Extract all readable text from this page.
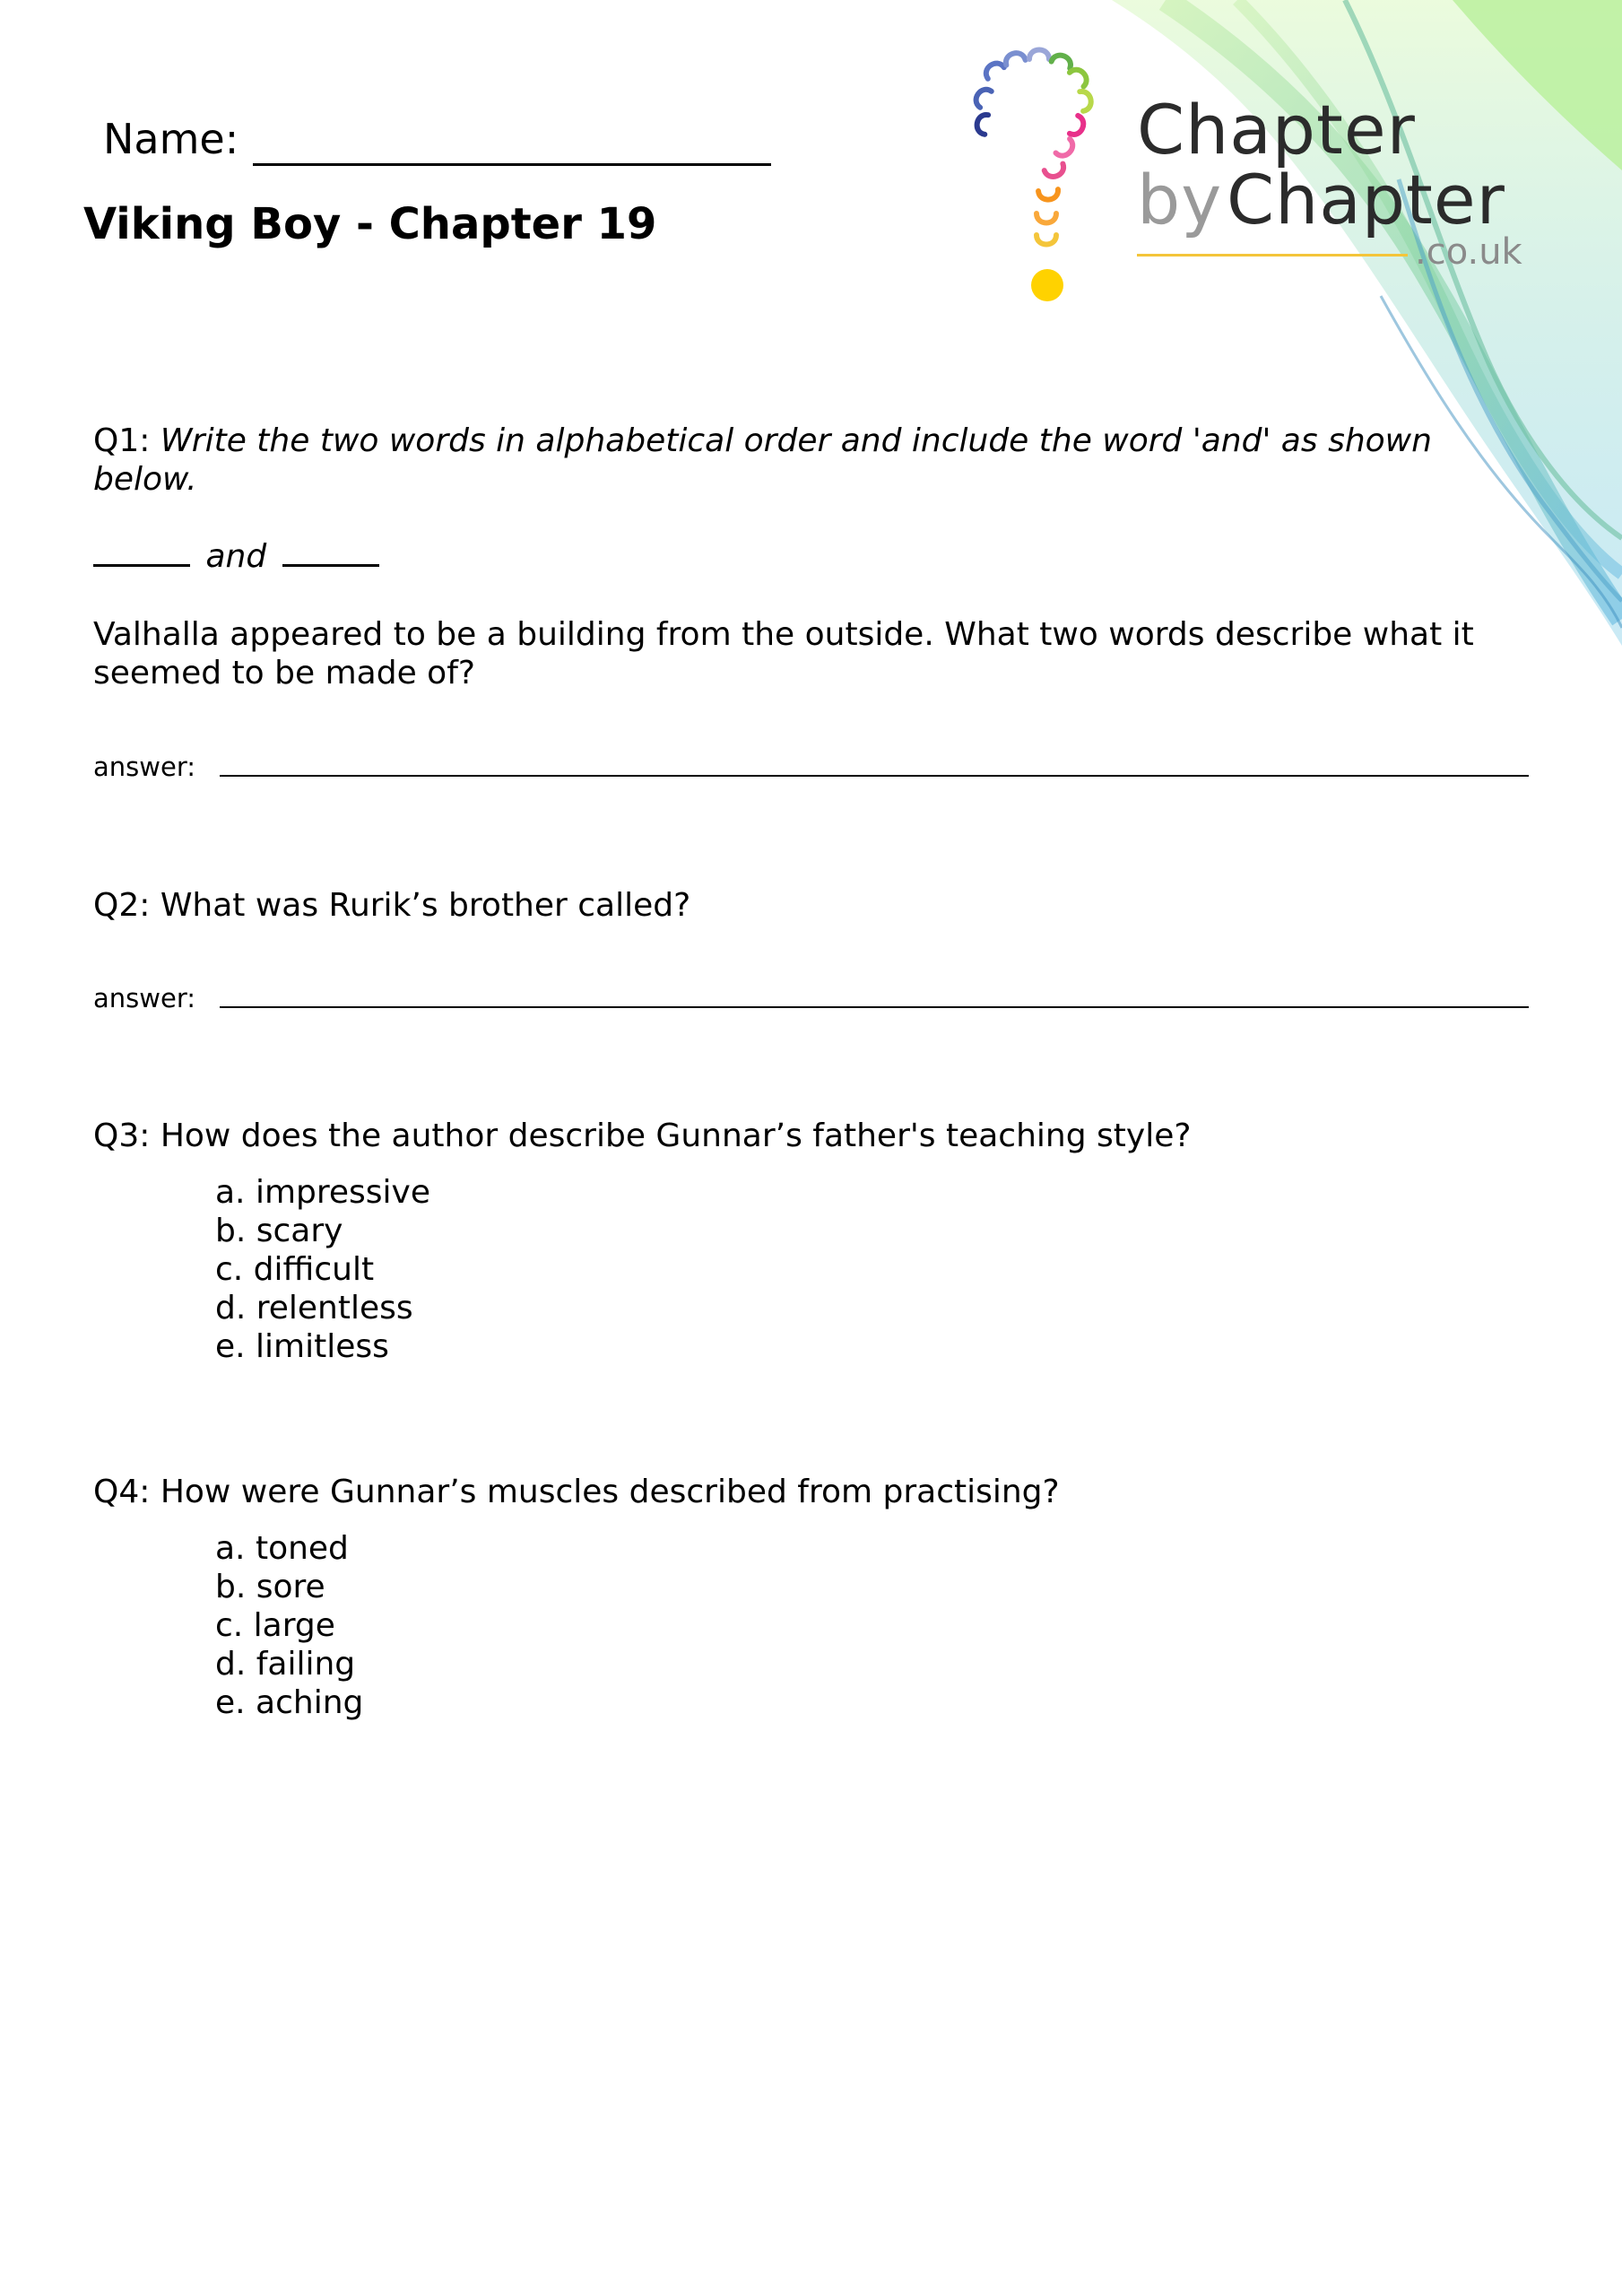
Chapter
by Chapter
.co.uk
Name:
Viking Boy - Chapter 19
Q1: Write the two words in alphabetical order and include the word 'and' as shown below.
and
Valhalla appeared to be a building from the outside. What two words describe what it seemed to be made of?
answer:
Q2: What was Rurik’s brother called?
answer:
Q3: How does the author describe Gunnar’s father's teaching style?
a. impressive
b. scary
c. difficult
d. relentless
e. limitless
Q4: How were Gunnar’s muscles described from practising?
a. toned
b. sore
c. large
d. failing
e. aching
